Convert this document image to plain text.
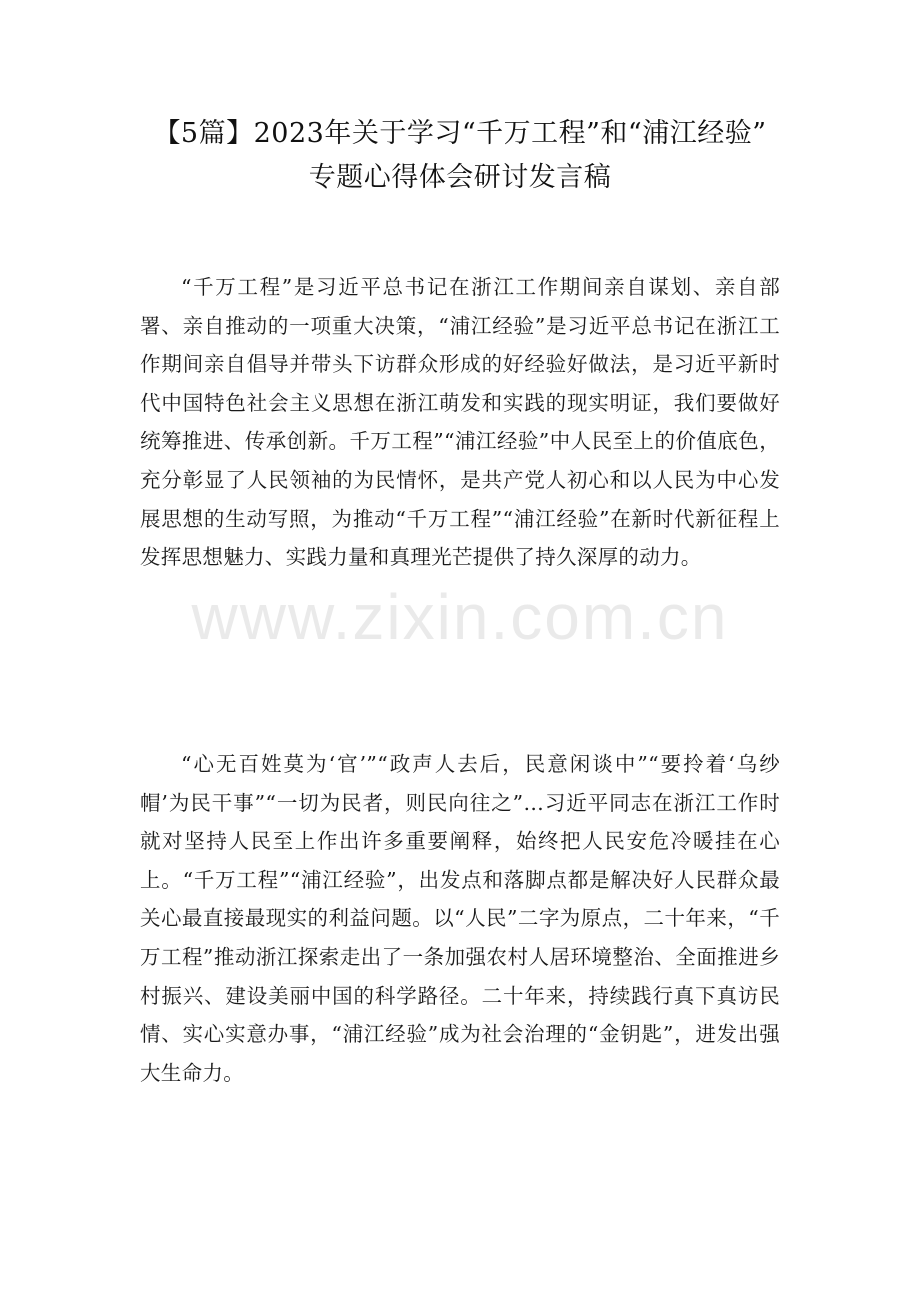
【5篇】2023年关于学习“千万工程”和“浦江经验”
专题心得体会研讨发言稿

“千万工程”是习近平总书记在浙江工作期间亲自谋划、亲自部署、亲自推动的一项重大决策，“浦江经验”是习近平总书记在浙江工作期间亲自倡导并带头下访群众形成的好经验好做法，是习近平新时代中国特色社会主义思想在浙江萌发和实践的现实明证，我们要做好统筹推进、传承创新。千万工程”“浦江经验”中人民至上的价值底色，充分彰显了人民领袖的为民情怀，是共产党人初心和以人民为中心发展思想的生动写照，为推动“千万工程”“浦江经验”在新时代新征程上发挥思想魅力、实践力量和真理光芒提供了持久深厚的动力。

www.zixin.com.cn

“心无百姓莫为‘官’”“政声人去后，民意闲谈中”“要拎着‘乌纱帽’为民干事”“一切为民者，则民向往之”…习近平同志在浙江工作时就对坚持人民至上作出许多重要阐释，始终把人民安危冷暖挂在心上。“千万工程”“浦江经验”，出发点和落脚点都是解决好人民群众最关心最直接最现实的利益问题。以“人民”二字为原点，二十年来，“千万工程”推动浙江探索走出了一条加强农村人居环境整治、全面推进乡村振兴、建设美丽中国的科学路径。二十年来，持续践行真下真访民情、实心实意办事，“浦江经验”成为社会治理的“金钥匙”，进发出强大生命力。
